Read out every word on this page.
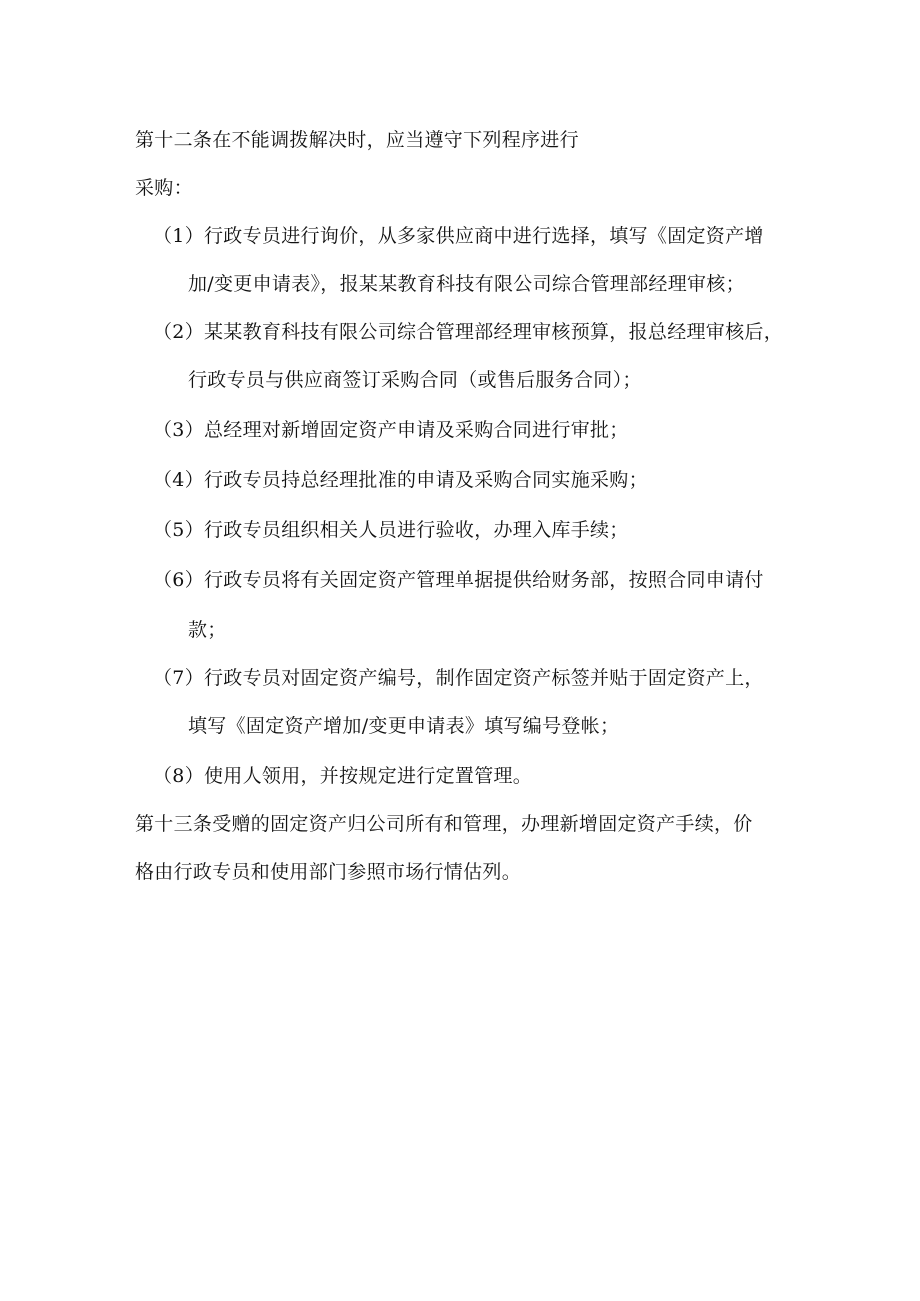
第十二条在不能调拨解决时，应当遵守下列程序进行
采购：
（1）行政专员进行询价，从多家供应商中进行选择，填写《固定资产增
加/变更申请表》，报某某教育科技有限公司综合管理部经理审核；
（2）某某教育科技有限公司综合管理部经理审核预算，报总经理审核后，
行政专员与供应商签订采购合同（或售后服务合同）；
（3）总经理对新增固定资产申请及采购合同进行审批；
（4）行政专员持总经理批准的申请及采购合同实施采购；
（5）行政专员组织相关人员进行验收，办理入库手续；
（6）行政专员将有关固定资产管理单据提供给财务部，按照合同申请付
款；
（7）行政专员对固定资产编号，制作固定资产标签并贴于固定资产上，
填写《固定资产增加/变更申请表》填写编号登帐；
（8）使用人领用，并按规定进行定置管理。
第十三条受赠的固定资产归公司所有和管理，办理新增固定资产手续，价
格由行政专员和使用部门参照市场行情估列。
